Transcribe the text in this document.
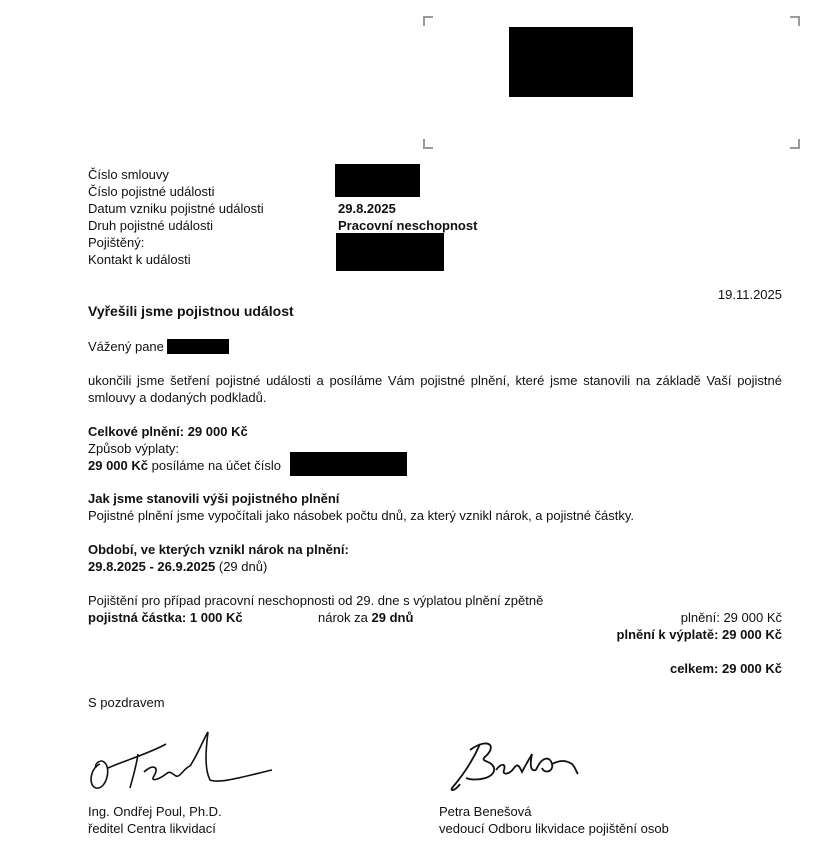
Číslo smlouvy
Číslo pojistné události
Datum vzniku pojistné události
Druh pojistné události
Pojištěný:
Kontakt k události
29.8.2025
Pracovní neschopnost
19.11.2025
Vyřešili jsme pojistnou událost
Vážený pane
ukončili jsme šetření pojistné události a posíláme Vám pojistné plnění, které jsme stanovili na základě Vaší pojistné smlouvy a dodaných podkladů.
Celkové plnění: 29 000 Kč
Způsob výplaty:
29 000 Kč posíláme na účet číslo
Jak jsme stanovili výši pojistného plnění
Pojistné plnění jsme vypočítali jako násobek počtu dnů, za který vznikl nárok, a pojistné částky.
Období, ve kterých vznikl nárok na plnění:
29.8.2025 - 26.9.2025 (29 dnů)
Pojištění pro případ pracovní neschopnosti od 29. dne s výplatou plnění zpětně
pojistná částka: 1 000 Kč	nárok za 29 dnů	plnění: 29 000 Kč
plnění k výplatě: 29 000 Kč
celkem: 29 000 Kč
S pozdravem
Ing. Ondřej Poul, Ph.D.
ředitel Centra likvidací
Petra Benešová
vedoucí Odboru likvidace pojištění osob
